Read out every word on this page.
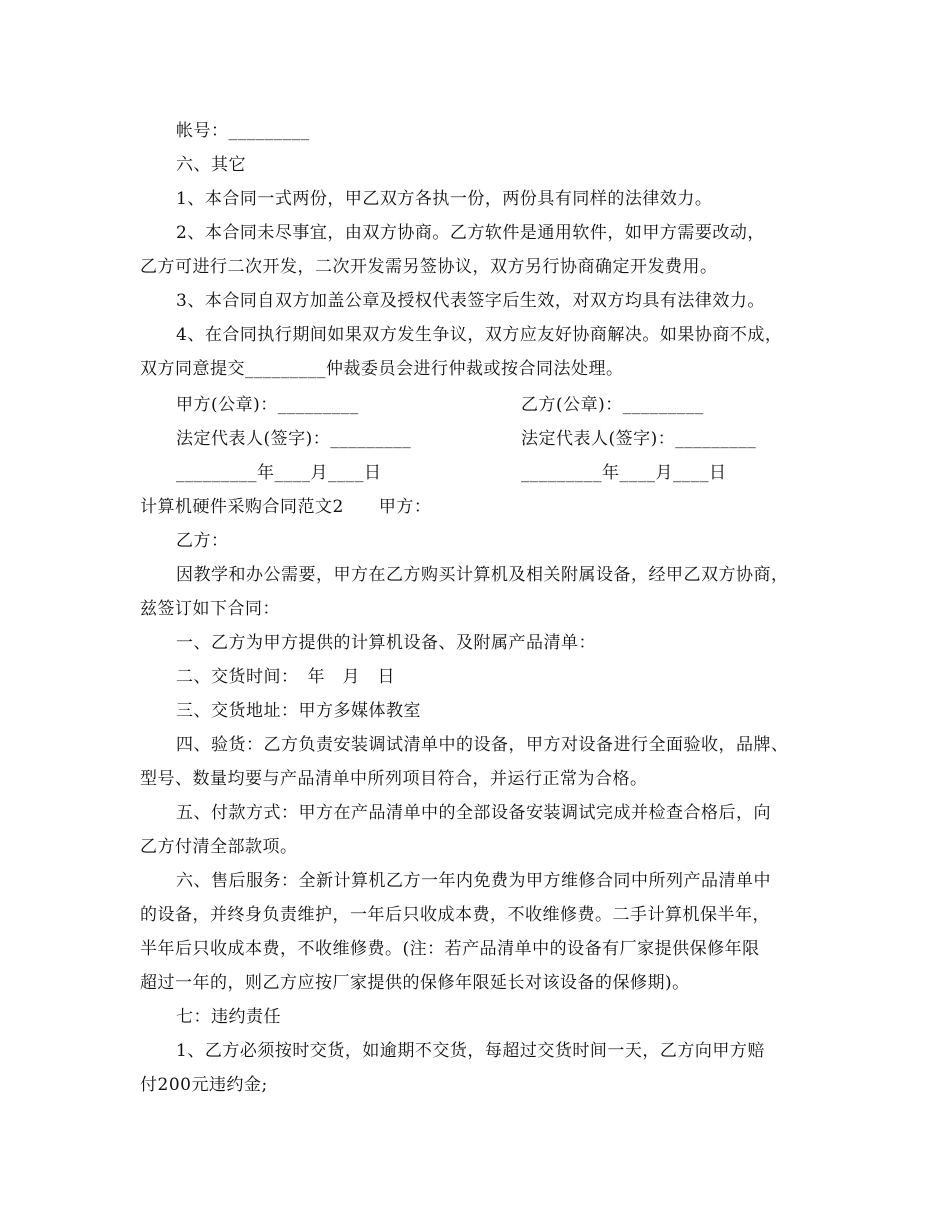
帐号：_________
六、其它
1、本合同一式两份，甲乙双方各执一份，两份具有同样的法律效力。
2、本合同未尽事宜，由双方协商。乙方软件是通用软件，如甲方需要改动，
乙方可进行二次开发，二次开发需另签协议，双方另行协商确定开发费用。
3、本合同自双方加盖公章及授权代表签字后生效，对双方均具有法律效力。
4、在合同执行期间如果双方发生争议，双方应友好协商解决。如果协商不成，
双方同意提交_________仲裁委员会进行仲裁或按合同法处理。
甲方(公章)：_________	乙方(公章)：_________
法定代表人(签字)：_________	法定代表人(签字)：_________
_________年____月____日	_________年____月____日
计算机硬件采购合同范文2　　甲方：
乙方：
因教学和办公需要，甲方在乙方购买计算机及相关附属设备，经甲乙双方协商，
兹签订如下合同：
一、乙方为甲方提供的计算机设备、及附属产品清单：
二、交货时间：　年　月　日
三、交货地址：甲方多媒体教室
四、验货：乙方负责安装调试清单中的设备，甲方对设备进行全面验收，品牌、
型号、数量均要与产品清单中所列项目符合，并运行正常为合格。
五、付款方式：甲方在产品清单中的全部设备安装调试完成并检查合格后，向
乙方付清全部款项。
六、售后服务：全新计算机乙方一年内免费为甲方维修合同中所列产品清单中
的设备，并终身负责维护，一年后只收成本费，不收维修费。二手计算机保半年，
半年后只收成本费，不收维修费。(注：若产品清单中的设备有厂家提供保修年限
超过一年的，则乙方应按厂家提供的保修年限延长对该设备的保修期)。
七：违约责任
1、乙方必须按时交货，如逾期不交货，每超过交货时间一天，乙方向甲方赔
付200元违约金;
